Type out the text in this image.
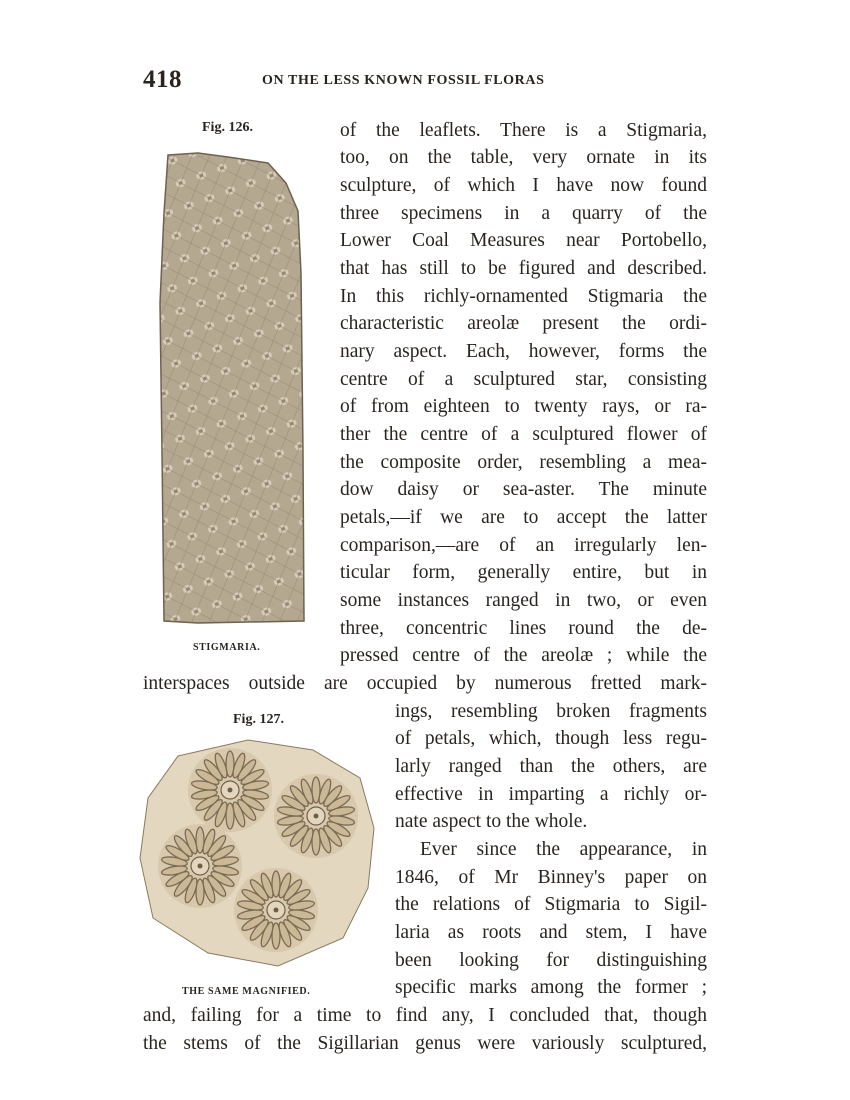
418	ON THE LESS KNOWN FOSSIL FLORAS
Fig. 126.
STIGMARIA.
Fig. 127.
THE SAME MAGNIFIED.
of the leaflets. There is a Stigmaria,
too, on the table, very ornate in its
sculpture, of which I have now found
three specimens in a quarry of the
Lower Coal Measures near Portobello,
that has still to be figured and described.
In this richly-ornamented Stigmaria the
characteristic areolæ present the ordi-
nary aspect. Each, however, forms the
centre of a sculptured star, consisting
of from eighteen to twenty rays, or ra-
ther the centre of a sculptured flower of
the composite order, resembling a mea-
dow daisy or sea-aster. The minute
petals,—if we are to accept the latter
comparison,—are of an irregularly len-
ticular form, generally entire, but in
some instances ranged in two, or even
three, concentric lines round the de-
pressed centre of the areolæ ; while the
interspaces outside are occupied by numerous fretted mark-
ings, resembling broken fragments
of petals, which, though less regu-
larly ranged than the others, are
effective in imparting a richly or-
nate aspect to the whole.
Ever since the appearance, in
1846, of Mr Binney's paper on
the relations of Stigmaria to Sigil-
laria as roots and stem, I have
been looking for distinguishing
specific marks among the former ;
and, failing for a time to find any, I concluded that, though
the stems of the Sigillarian genus were variously sculptured,
